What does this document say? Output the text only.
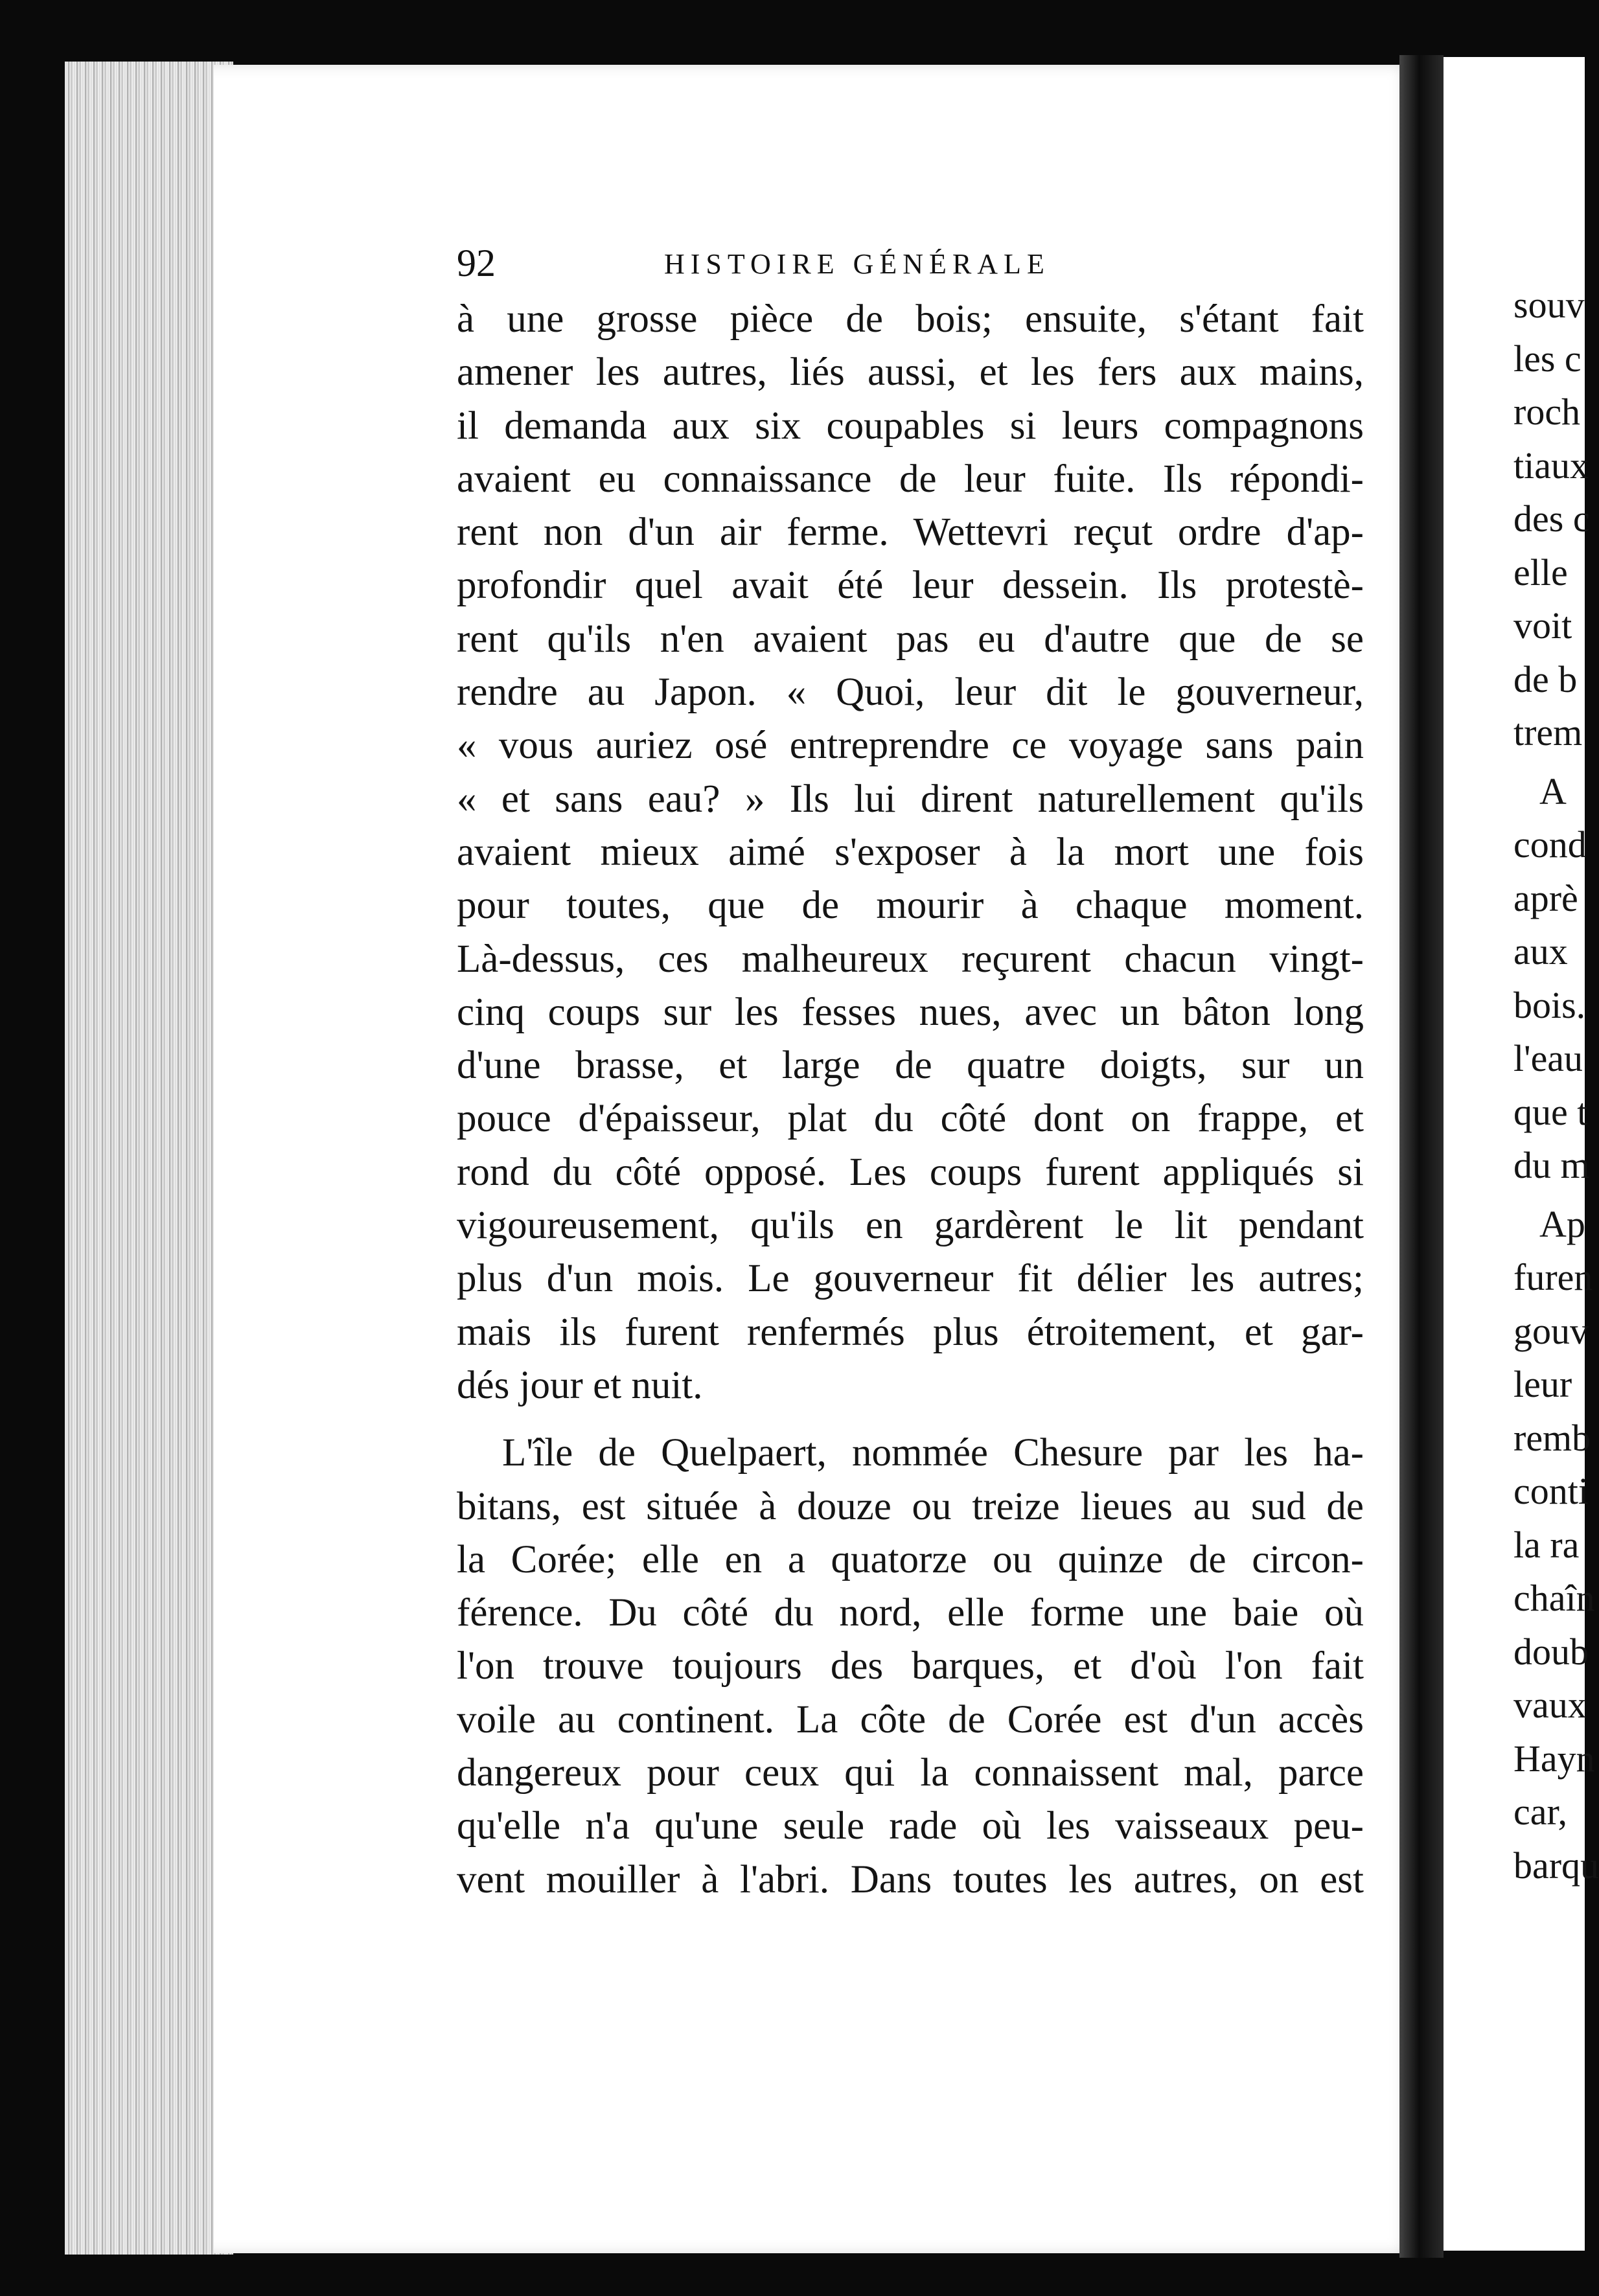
92	HISTOIRE GÉNÉRALE
à une grosse pièce de bois; ensuite, s'étant fait
amener les autres, liés aussi, et les fers aux mains,
il demanda aux six coupables si leurs compagnons
avaient eu connaissance de leur fuite. Ils répondi-
rent non d'un air ferme. Wettevri reçut ordre d'ap-
profondir quel avait été leur dessein. Ils protestè-
rent qu'ils n'en avaient pas eu d'autre que de se
rendre au Japon. « Quoi, leur dit le gouverneur,
« vous auriez osé entreprendre ce voyage sans pain
« et sans eau? » Ils lui dirent naturellement qu'ils
avaient mieux aimé s'exposer à la mort une fois
pour toutes, que de mourir à chaque moment.
Là-dessus, ces malheureux reçurent chacun vingt-
cinq coups sur les fesses nues, avec un bâton long
d'une brasse, et large de quatre doigts, sur un
pouce d'épaisseur, plat du côté dont on frappe, et
rond du côté opposé. Les coups furent appliqués si
vigoureusement, qu'ils en gardèrent le lit pendant
plus d'un mois. Le gouverneur fit délier les autres;
mais ils furent renfermés plus étroitement, et gar-
dés jour et nuit.
L'île de Quelpaert, nommée Chesure par les ha-
bitans, est située à douze ou treize lieues au sud de
la Corée; elle en a quatorze ou quinze de circon-
férence. Du côté du nord, elle forme une baie où
l'on trouve toujours des barques, et d'où l'on fait
voile au continent. La côte de Corée est d'un accès
dangereux pour ceux qui la connaissent mal, parce
qu'elle n'a qu'une seule rade où les vaisseaux peu-
vent mouiller à l'abri. Dans toutes les autres, on est
souv
les c
roch
tiaux
des c
elle
voit
de b
trem
A
cond
aprè
aux
bois.
l'eau
que t
du m
Ap
furen
gouv
leur
remb
conti
la ra
chaîn
doub
vaux
Hayn
car,
barqu
